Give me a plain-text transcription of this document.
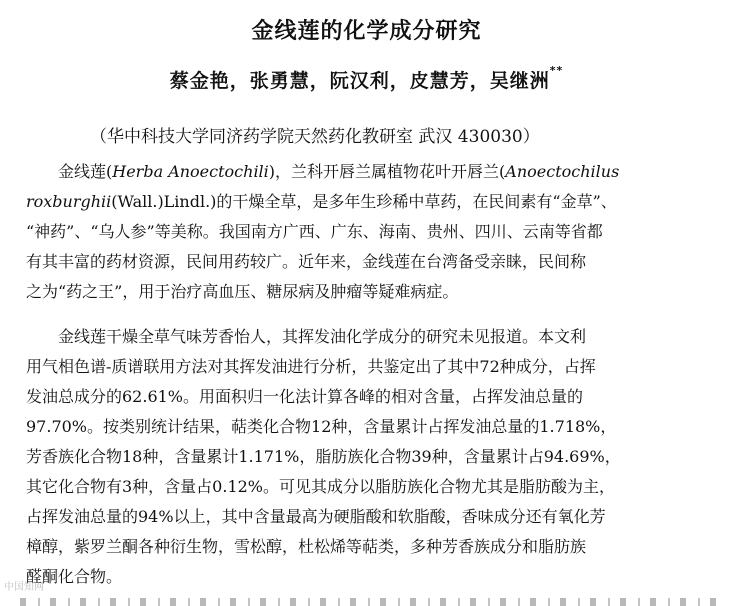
金线莲的化学成分研究
蔡金艳，张勇慧，阮汉利，皮慧芳，吴继洲**
（华中科技大学同济药学院天然药化教研室 武汉 430030）
金线莲(Herba Anoectochili)，兰科开唇兰属植物花叶开唇兰(Anoectochilus
roxburghii(Wall.)Lindl.)的干燥全草，是多年生珍稀中草药，在民间素有“金草”、
“神药”、“乌人参”等美称。我国南方广西、广东、海南、贵州、四川、云南等省都
有其丰富的药材资源，民间用药较广。近年来，金线莲在台湾备受亲睐，民间称
之为“药之王”，用于治疗高血压、糖尿病及肿瘤等疑难病症。
金线莲干燥全草气味芳香怡人，其挥发油化学成分的研究未见报道。本文利
用气相色谱-质谱联用方法对其挥发油进行分析，共鉴定出了其中72种成分，占挥
发油总成分的62.61%。用面积归一化法计算各峰的相对含量，占挥发油总量的
97.70%。按类别统计结果，萜类化合物12种，含量累计占挥发油总量的1.718%，
芳香族化合物18种，含量累计1.171%，脂肪族化合物39种，含量累计占94.69%，
其它化合物有3种，含量占0.12%。可见其成分以脂肪族化合物尤其是脂肪酸为主，
占挥发油总量的94%以上，其中含量最高为硬脂酸和软脂酸，香味成分还有氧化芳
樟醇，紫罗兰酮各种衍生物，雪松醇，杜松烯等萜类，多种芳香族成分和脂肪族
醛酮化合物。
中国知网
